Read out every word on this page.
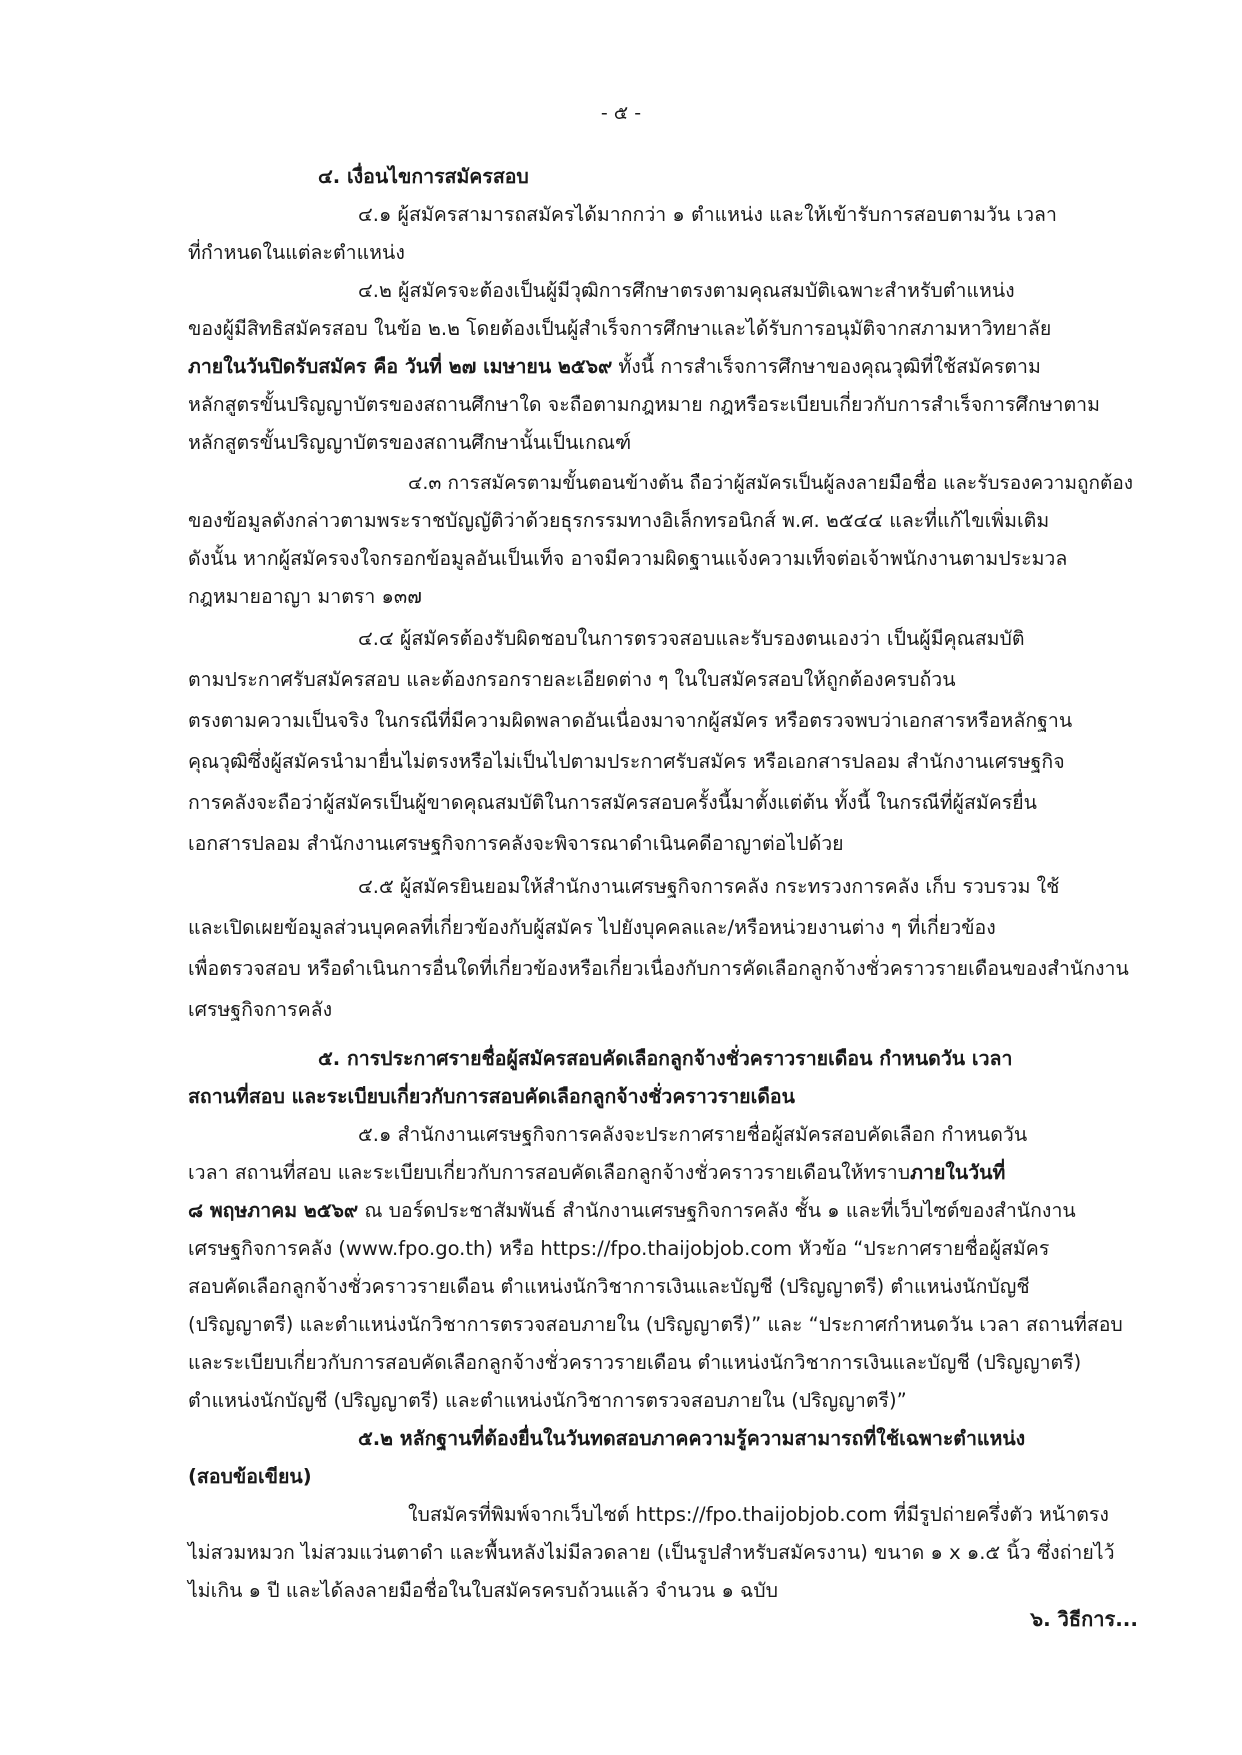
- ๕ -

๔. เงื่อนไขการสมัครสอบ

๔.๑ ผู้สมัครสามารถสมัครได้มากกว่า ๑ ตำแหน่ง และให้เข้ารับการสอบตามวัน เวลา

ที่กำหนดในแต่ละตำแหน่ง

๔.๒ ผู้สมัครจะต้องเป็นผู้มีวุฒิการศึกษาตรงตามคุณสมบัติเฉพาะสำหรับตำแหน่ง

ของผู้มีสิทธิสมัครสอบ ในข้อ ๒.๒ โดยต้องเป็นผู้สำเร็จการศึกษาและได้รับการอนุมัติจากสภามหาวิทยาลัย

ภายในวันปิดรับสมัคร คือ วันที่ ๒๗ เมษายน ๒๕๖๙ ทั้งนี้ การสำเร็จการศึกษาของคุณวุฒิที่ใช้สมัครตาม

หลักสูตรขั้นปริญญาบัตรของสถานศึกษาใด จะถือตามกฎหมาย กฎหรือระเบียบเกี่ยวกับการสำเร็จการศึกษาตาม

หลักสูตรขั้นปริญญาบัตรของสถานศึกษานั้นเป็นเกณฑ์

๔.๓ การสมัครตามขั้นตอนข้างต้น ถือว่าผู้สมัครเป็นผู้ลงลายมือชื่อ และรับรองความถูกต้อง

ของข้อมูลดังกล่าวตามพระราชบัญญัติว่าด้วยธุรกรรมทางอิเล็กทรอนิกส์ พ.ศ. ๒๕๔๔ และที่แก้ไขเพิ่มเติม

ดังนั้น หากผู้สมัครจงใจกรอกข้อมูลอันเป็นเท็จ อาจมีความผิดฐานแจ้งความเท็จต่อเจ้าพนักงานตามประมวล

กฎหมายอาญา มาตรา ๑๓๗

๔.๔ ผู้สมัครต้องรับผิดชอบในการตรวจสอบและรับรองตนเองว่า เป็นผู้มีคุณสมบัติ

ตามประกาศรับสมัครสอบ และต้องกรอกรายละเอียดต่าง ๆ ในใบสมัครสอบให้ถูกต้องครบถ้วน

ตรงตามความเป็นจริง ในกรณีที่มีความผิดพลาดอันเนื่องมาจากผู้สมัคร หรือตรวจพบว่าเอกสารหรือหลักฐาน

คุณวุฒิซึ่งผู้สมัครนำมายื่นไม่ตรงหรือไม่เป็นไปตามประกาศรับสมัคร หรือเอกสารปลอม สำนักงานเศรษฐกิจ

การคลังจะถือว่าผู้สมัครเป็นผู้ขาดคุณสมบัติในการสมัครสอบครั้งนี้มาตั้งแต่ต้น ทั้งนี้ ในกรณีที่ผู้สมัครยื่น

เอกสารปลอม สำนักงานเศรษฐกิจการคลังจะพิจารณาดำเนินคดีอาญาต่อไปด้วย

๔.๕ ผู้สมัครยินยอมให้สำนักงานเศรษฐกิจการคลัง กระทรวงการคลัง เก็บ รวบรวม ใช้

และเปิดเผยข้อมูลส่วนบุคคลที่เกี่ยวข้องกับผู้สมัคร ไปยังบุคคลและ/หรือหน่วยงานต่าง ๆ ที่เกี่ยวข้อง

เพื่อตรวจสอบ หรือดำเนินการอื่นใดที่เกี่ยวข้องหรือเกี่ยวเนื่องกับการคัดเลือกลูกจ้างชั่วคราวรายเดือนของสำนักงาน

เศรษฐกิจการคลัง

๕. การประกาศรายชื่อผู้สมัครสอบคัดเลือกลูกจ้างชั่วคราวรายเดือน กำหนดวัน เวลา

สถานที่สอบ และระเบียบเกี่ยวกับการสอบคัดเลือกลูกจ้างชั่วคราวรายเดือน

๕.๑ สำนักงานเศรษฐกิจการคลังจะประกาศรายชื่อผู้สมัครสอบคัดเลือก กำหนดวัน

เวลา สถานที่สอบ และระเบียบเกี่ยวกับการสอบคัดเลือกลูกจ้างชั่วคราวรายเดือนให้ทราบภายในวันที่

๘ พฤษภาคม ๒๕๖๙ ณ บอร์ดประชาสัมพันธ์ สำนักงานเศรษฐกิจการคลัง ชั้น ๑ และที่เว็บไซต์ของสำนักงาน

เศรษฐกิจการคลัง (www.fpo.go.th) หรือ https://fpo.thaijobjob.com หัวข้อ “ประกาศรายชื่อผู้สมัคร

สอบคัดเลือกลูกจ้างชั่วคราวรายเดือน ตำแหน่งนักวิชาการเงินและบัญชี (ปริญญาตรี) ตำแหน่งนักบัญชี

(ปริญญาตรี) และตำแหน่งนักวิชาการตรวจสอบภายใน (ปริญญาตรี)” และ “ประกาศกำหนดวัน เวลา สถานที่สอบ

และระเบียบเกี่ยวกับการสอบคัดเลือกลูกจ้างชั่วคราวรายเดือน ตำแหน่งนักวิชาการเงินและบัญชี (ปริญญาตรี)

ตำแหน่งนักบัญชี (ปริญญาตรี) และตำแหน่งนักวิชาการตรวจสอบภายใน (ปริญญาตรี)”

๕.๒ หลักฐานที่ต้องยื่นในวันทดสอบภาคความรู้ความสามารถที่ใช้เฉพาะตำแหน่ง

(สอบข้อเขียน)

ใบสมัครที่พิมพ์จากเว็บไซต์ https://fpo.thaijobjob.com ที่มีรูปถ่ายครึ่งตัว หน้าตรง

ไม่สวมหมวก ไม่สวมแว่นตาดำ และพื้นหลังไม่มีลวดลาย (เป็นรูปสำหรับสมัครงาน) ขนาด ๑ x ๑.๕ นิ้ว ซึ่งถ่ายไว้

ไม่เกิน ๑ ปี และได้ลงลายมือชื่อในใบสมัครครบถ้วนแล้ว จำนวน ๑ ฉบับ

๖. วิธีการ...
